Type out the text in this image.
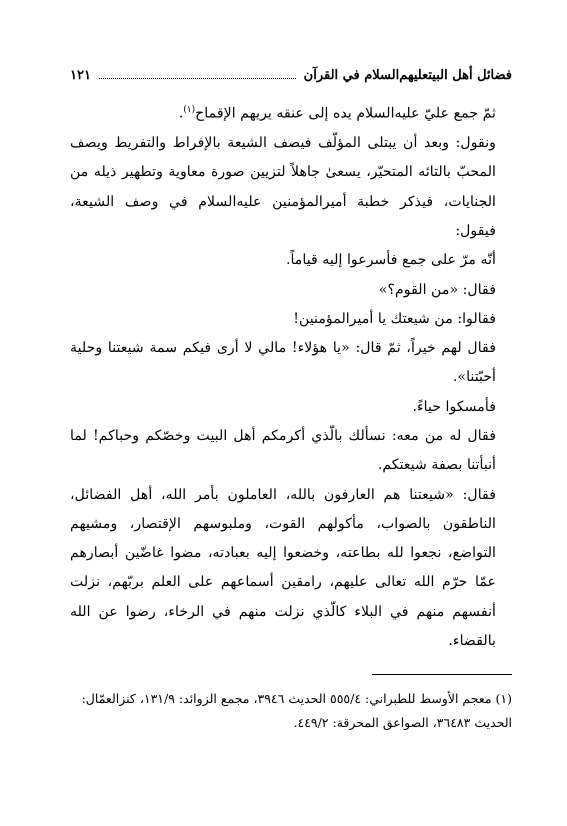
فضائل أهل البيتعليهم‌السلام في القرآن
١٢١

ثمّ جمع عليّ عليه‌السلام يده إلى عنقه يريهم الإقماح$^{(١)}$.

ونقول: وبعد أن يبتلى المؤلّف فيصف الشيعة بالإفراط والتفريط ويصف المحبّ بالتائه المتحيّر، يسعىٰ جاهلاً لتزيين صورة معاوية وتطهير ذيله من الجنايات، فيذكر خطبة أميرالمؤمنين عليه‌السلام في وصف الشيعة، فيقول:

أنّه مرّ على جمع فأسرعوا إليه قياماً.

فقال: «من القوم؟»

فقالوا: من شيعتك يا أميرالمؤمنين!

فقال لهم خيراً، ثمّ قال: «يا هؤلاء! مالي لا أرى فيكم سمة شيعتنا وحلية أحبّتنا».

فأمسكوا حياءً.

فقال له من معه: نسألك بالّذي أكرمكم أهل البيت وخصّكم وحباكم! لما أنبأتنا بصفة شيعتكم.

فقال: «شيعتنا هم العارفون بالله، العاملون بأمر الله، أهل الفضائل، الناطقون بالصواب، مأكولهم القوت، وملبوسهم الإقتصار، ومشيهم التواضع، نجعوا لله بطاعته، وخضعوا إليه بعبادته، مضوا غاضّين أبصارهم عمّا حرّم الله تعالى عليهم، رامقين أسماعهم على العلم بربّهم، نزلت أنفسهم منهم في البلاء كالّذي نزلت منهم في الرخاء، رضوا عن الله بالقضاء.

(١) معجم الأوسط للطبراني: ٥٥٥/٤ الحديث ٣٩٤٦، مجمع الزوائد: ١٣١/٩، كنزالعمّال: الحديث ٣٦٤٨٣، الصواعق المحرقة: ٤٤٩/٢.
